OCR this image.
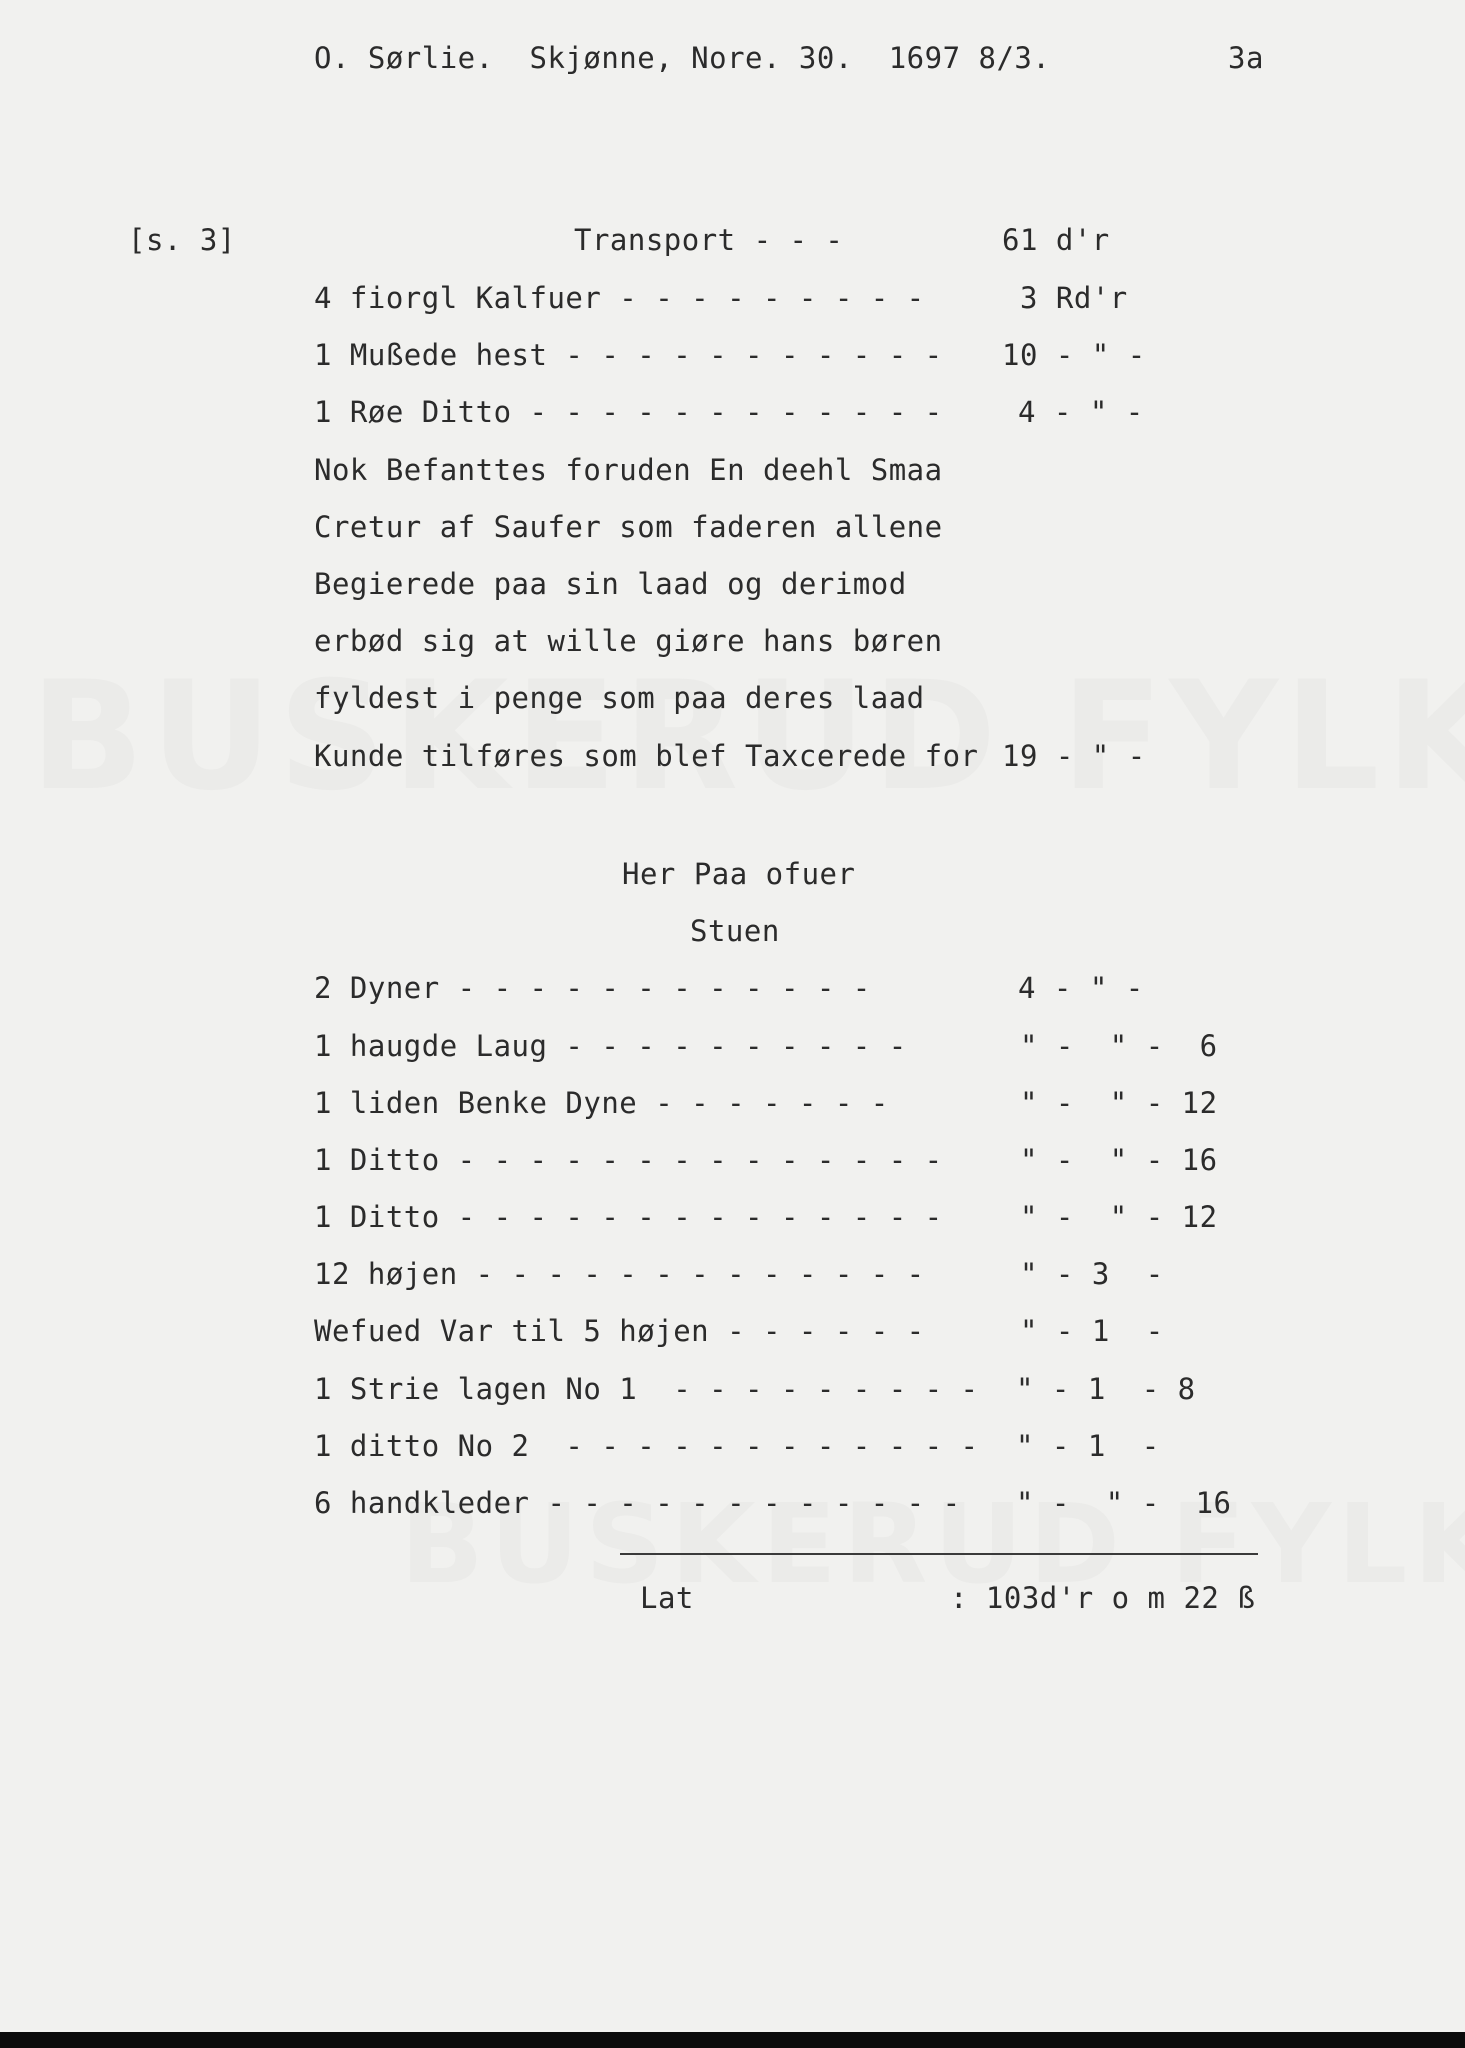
O. Sørlie.  Skjønne, Nore. 30.  1697 8/3.	3a
[s. 3]	Transport - - -	61 d'r
4 fiorgl Kalfuer - - - - - - - - -	3 Rd'r
1 Mußede hest - - - - - - - - - - - 10 - " -
1 Røe Ditto - - - - - - - - - - - -	4 - " -
Nok Befanttes foruden En deehl Smaa
Cretur af Saufer som faderen allene
Begierede paa sin laad og derimod
erbød sig at wille giøre hans børen
fyldest i penge som paa deres laad
Kunde tilføres som blef Taxcerede for 19 - " -
Her Paa ofuer
Stuen
2 Dyner - - - - - - - - - - - -	4 - " -
1 haugde Laug - - - - - - - - - -	" -  " -  6
1 liden Benke Dyne - - - - - - -	" -  " - 12
1 Ditto - - - - - - - - - - - - - -	" -  " - 16
1 Ditto - - - - - - - - - - - - - -	" -  " - 12
12 højen - - - - - - - - - - - - -	" - 3  -
Wefued Var til 5 højen - - - - - -	" - 1  -
1 Strie lagen No 1  - - - - - - - - - " - 1  - 8
1 ditto No 2  - - - - - - - - - - - - " - 1  -
6 handkleder - - - - - - - - - - - - " -  " -  16
Lat	: 103d'r o m 22 ß
